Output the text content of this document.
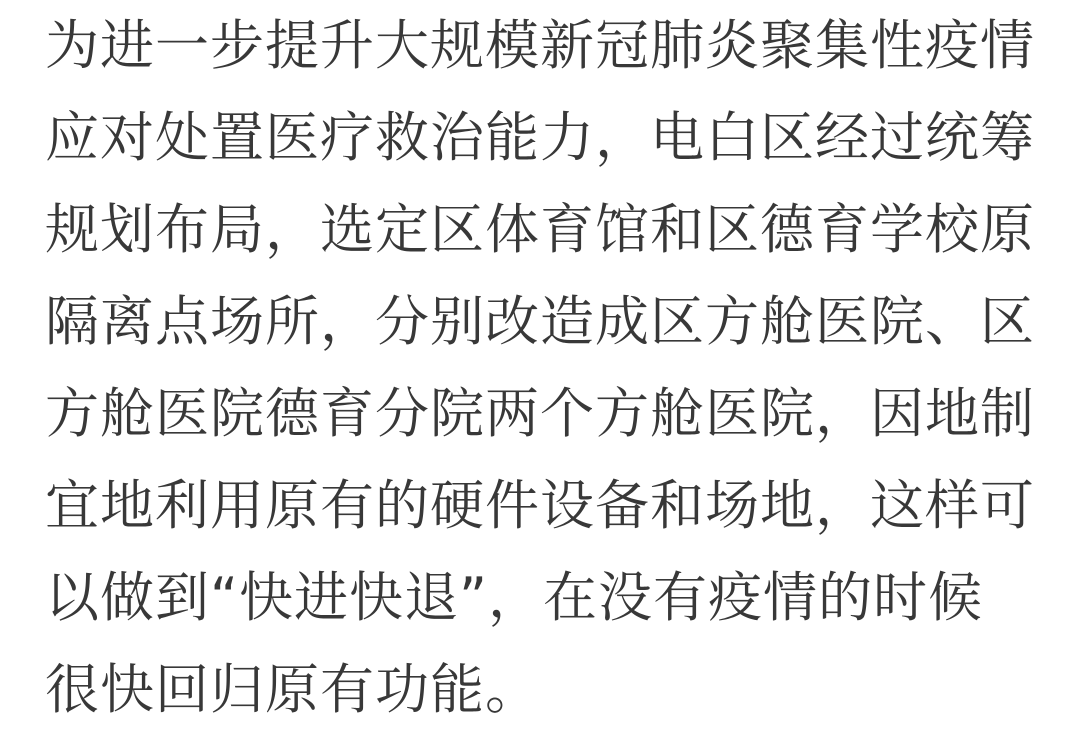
为进一步提升大规模新冠肺炎聚集性疫情
应对处置医疗救治能力，电白区经过统筹
规划布局，选定区体育馆和区德育学校原
隔离点场所，分别改造成区方舱医院、区
方舱医院德育分院两个方舱医院，因地制
宜地利用原有的硬件设备和场地，这样可
以做到“快进快退”，在没有疫情的时候
很快回归原有功能。
